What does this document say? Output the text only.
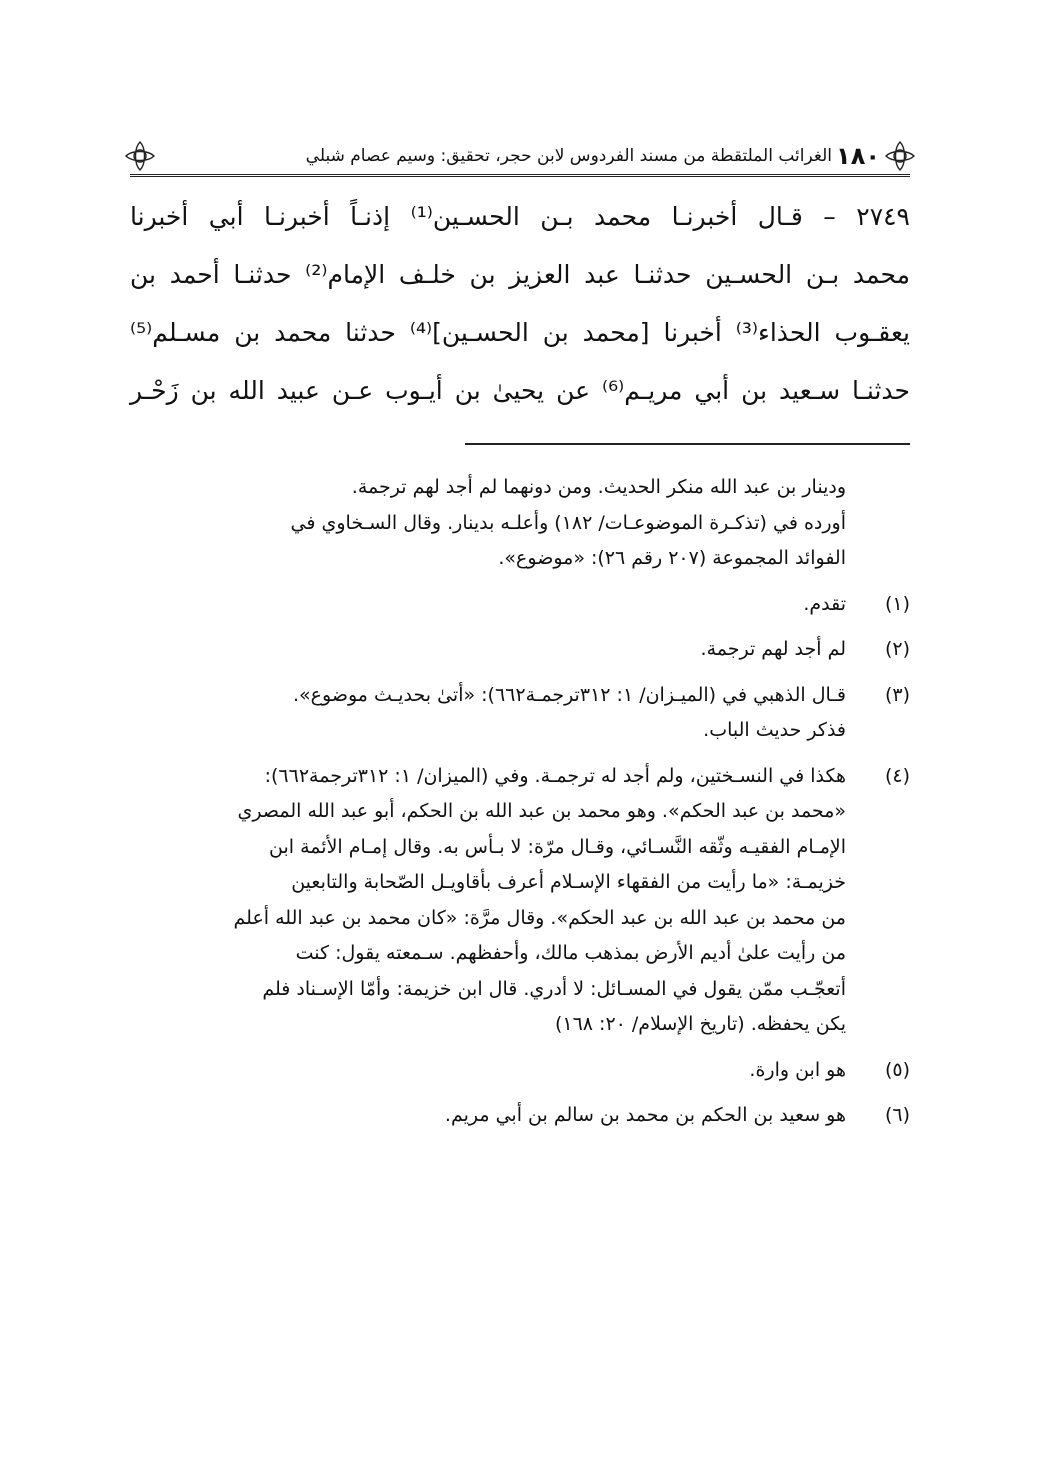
١٨٠
الغرائب الملتقطة من مسند الفردوس لابن حجر، تحقيق: وسيم عصام شبلي
٢٧٤٩ – قـال أخبرنـا محمد بـن الحسـين⁽¹⁾ إذنـاً أخبرنـا أبي أخبرنا
محمد بـن الحسـين حدثنـا عبد العزيز بن خلـف الإمام⁽²⁾ حدثنـا أحمد بن
يعقـوب الحذاء⁽³⁾ أخبرنا [محمد بن الحسـين]⁽⁴⁾ حدثنا محمد بن مسـلم⁽⁵⁾
حدثنـا سـعيد بن أبي مريـم⁽⁶⁾ عن يحيىٰ بن أيـوب عـن عبيد الله بن زَحْـر
ودينار بن عبد الله منكر الحديث. ومن دونهما لم أجد لهم ترجمة.
أورده في (تذكـرة الموضوعـات/ ١٨٢) وأعلـه بدينار. وقال السـخاوي في
الفوائد المجموعة (٢٠٧ رقم ٢٦): «موضوع».
(١)
تقدم.
(٢)
لم أجد لهم ترجمة.
(٣)
قـال الذهبي في (الميـزان/ ١: ٣١٢ترجمـة٦٦٢): «أتىٰ بحديـث موضوع».
فذكر حديث الباب.
(٤)
هكذا في النسـختين، ولم أجد له ترجمـة. وفي (الميزان/ ١: ٣١٢ترجمة٦٦٢):
«محمد بن عبد الحكم». وهو محمد بن عبد الله بن الحكم، أبو عبد الله المصري
الإمـام الفقيـه وثّقه النَّسـائي، وقـال مرّة: لا بـأس به. وقال إمـام الأئمة ابن
خزيمـة: «ما رأيت من الفقهاء الإسـلام أعرف بأقاويـل الصّحابة والتابعين
من محمد بن عبد الله بن عبد الحكم». وقال مرَّة: «كان محمد بن عبد الله أعلم
من رأيت علىٰ أديم الأرض بمذهب مالك، وأحفظهم. سـمعته يقول: كنت
أتعجّـب ممّن يقول في المسـائل: لا أدري. قال ابن خزيمة: وأمّا الإسـناد فلم
يكن يحفظه. (تاريخ الإسلام/ ٢٠: ١٦٨)
(٥)
هو ابن وارة.
(٦)
هو سعيد بن الحكم بن محمد بن سالم بن أبي مريم.
